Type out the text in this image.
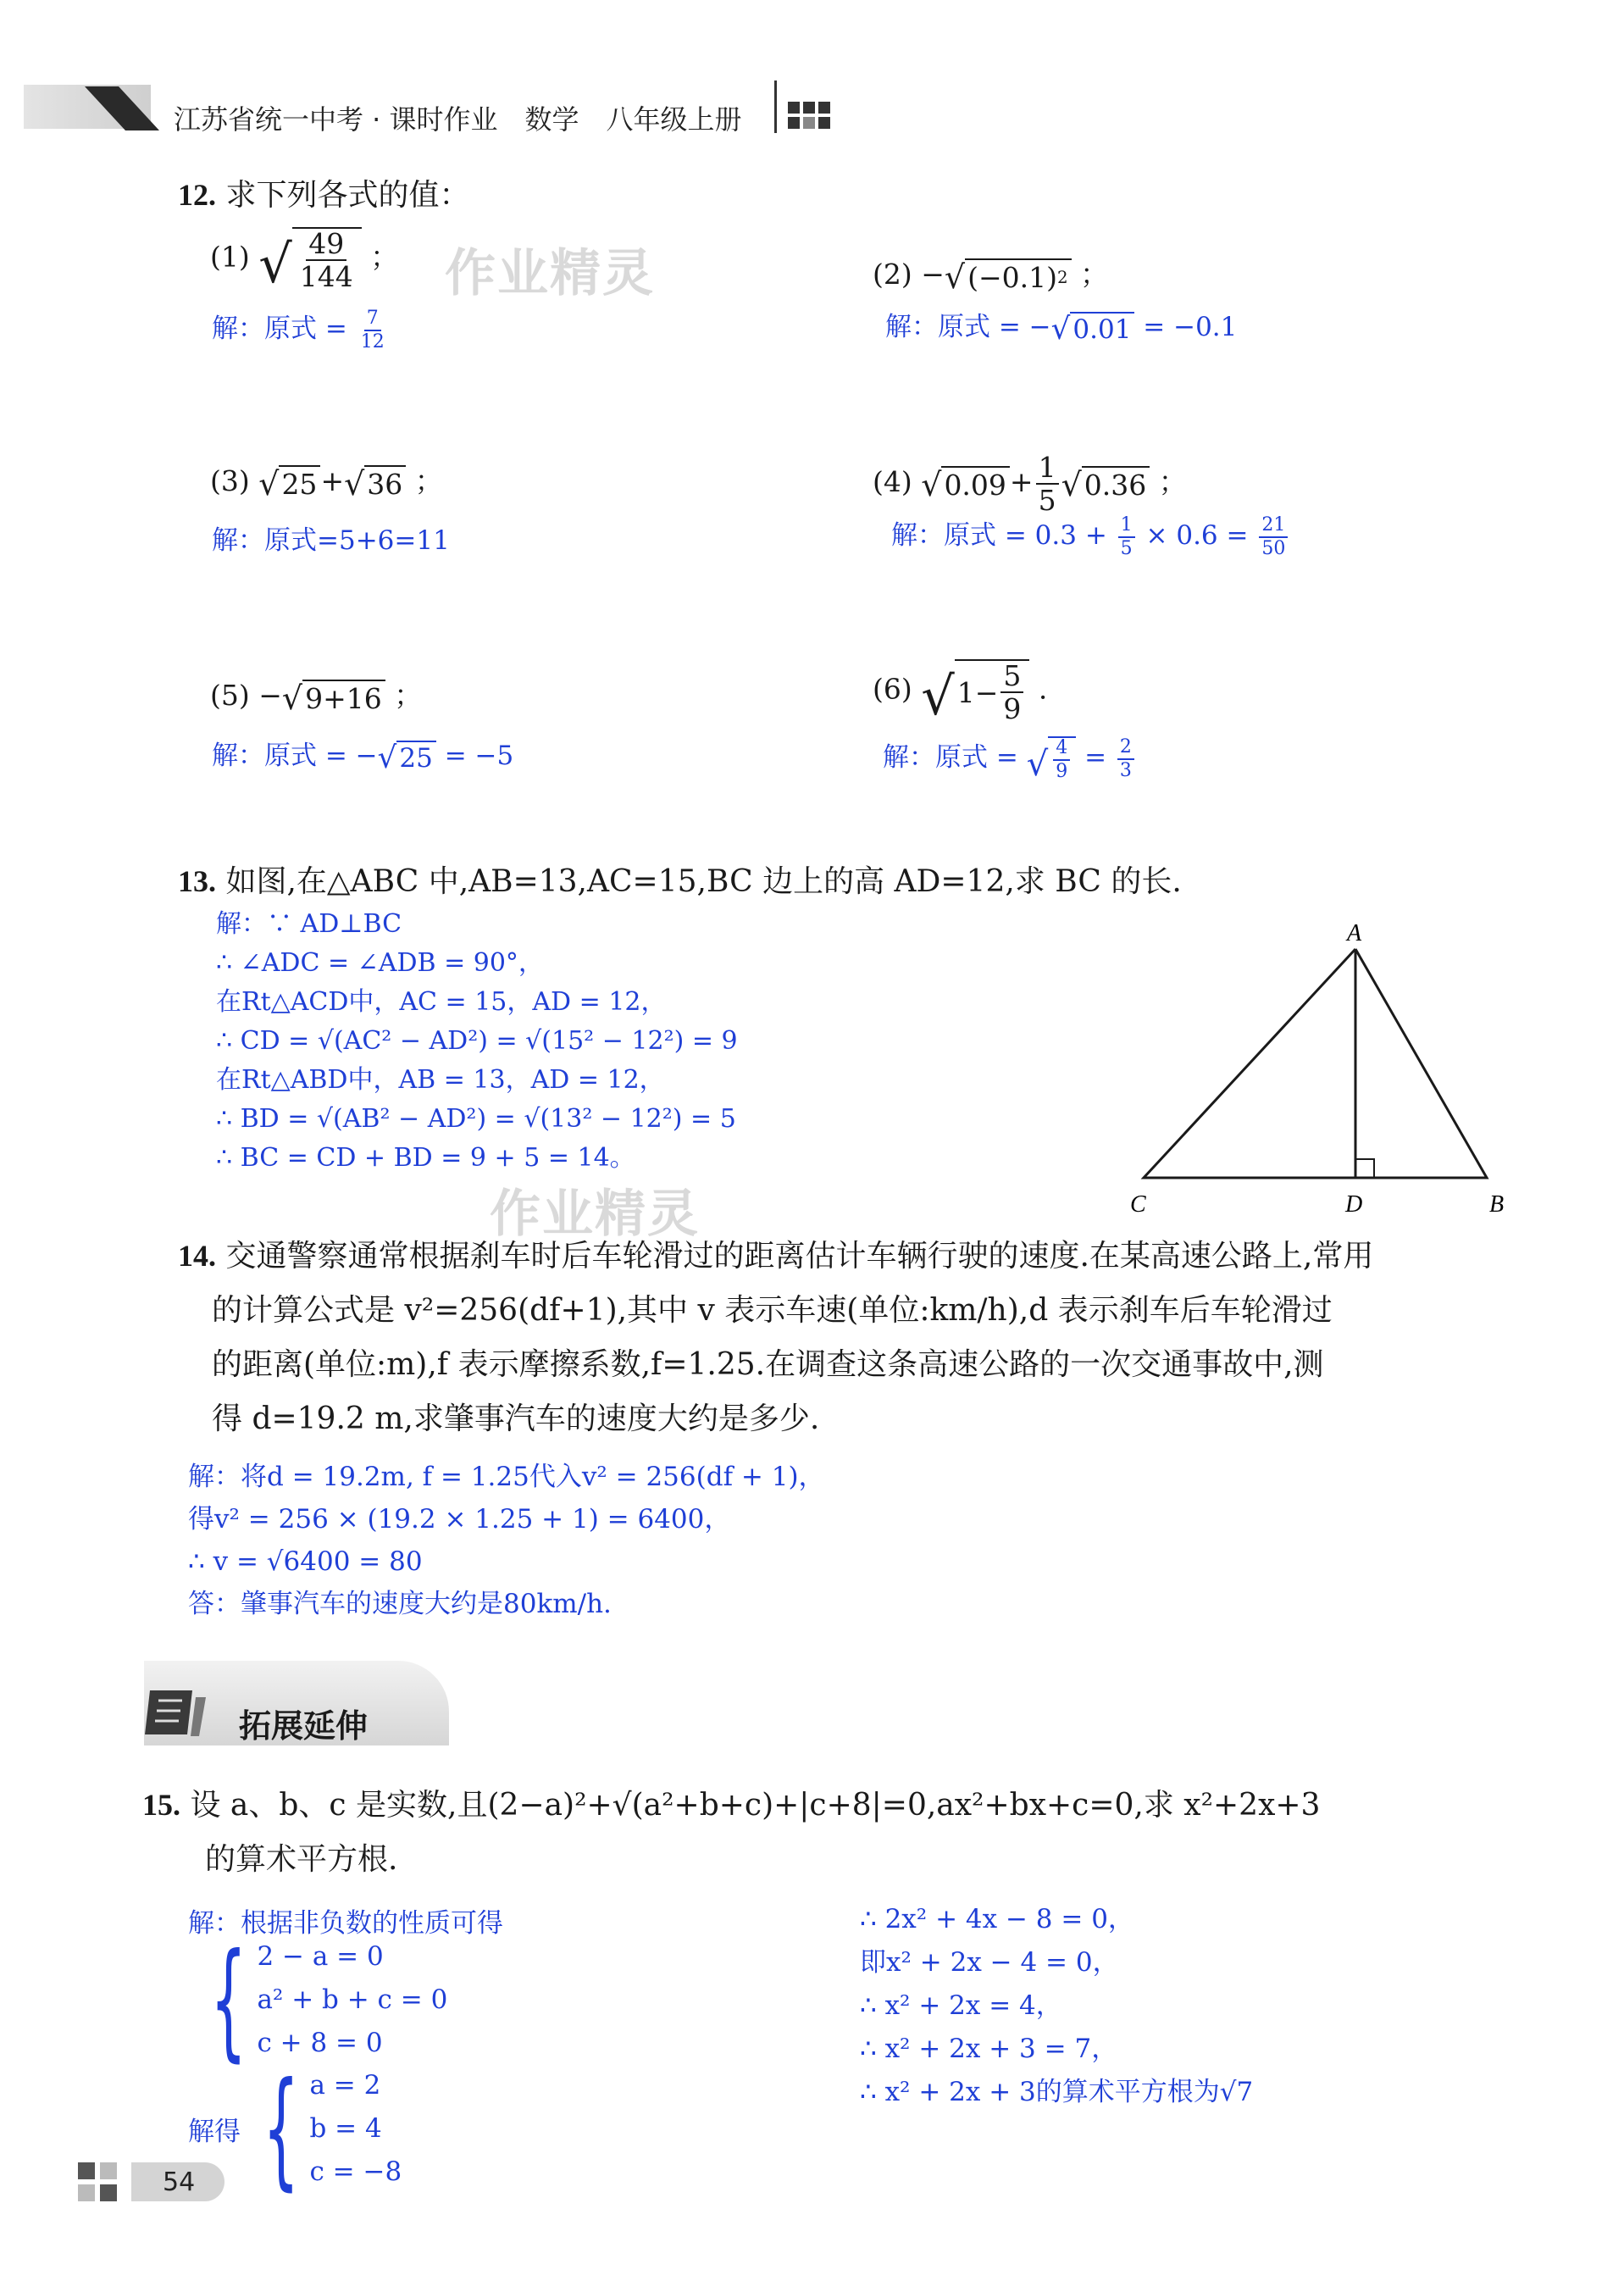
江苏省统一中考 · 课时作业　数学　八年级上册
12. 求下列各式的值：
作业精灵
(1) √ $\frac{49}{144}$ ；
解：原式 = $\frac{7}{12}$
(2) − √ (−0.1) 2 ；
解：原式 = − √ 0.01 = −0.1
(3) √ 25 + √ 36 ；
解：原式=5+6=11
(4) √ $0.09 + \frac{1}{5}$ √ 0.36 ；
解：原式 = $0.3 + \frac{1}{5} \times 0.6 = \frac{21}{50}$
(5) − √ 9+16 ；
解：原式 = − √ 25 = −5
(6) √ $1- \frac{5}{9}$ .
解：原式 = √ $\frac{4}{9} = \frac{2}{3}$
13. 如图,在△ABC 中,AB=13,AC=15,BC 边上的高 AD=12,求 BC 的长.
解：∵ AD⊥BC
∴ ∠ADC = ∠ADB = 90°，
在Rt△ACD中，AC = 15，AD = 12，
∴ CD = √(AC² − AD²) = √(15² − 12²) = 9
在Rt△ABD中，AB = 13，AD = 12，
∴ BD = √(AB² − AD²) = √(13² − 12²) = 5
∴ BC = CD + BD = 9 + 5 = 14。
A
C	D	B
作业精灵
14. 交通警察通常根据刹车时后车轮滑过的距离估计车辆行驶的速度.在某高速公路上,常用
的计算公式是 v²=256(df+1),其中 v 表示车速(单位:km/h),d 表示刹车后车轮滑过
的距离(单位:m),f 表示摩擦系数,f=1.25.在调查这条高速公路的一次交通事故中,测
得 d=19.2 m,求肇事汽车的速度大约是多少.
解：将d = 19.2m, f = 1.25代入v² = 256(df + 1)，
得v² = 256 × (19.2 × 1.25 + 1) = 6400，
∴ v = √6400 = 80
答：肇事汽车的速度大约是80km/h.
拓展延伸
15. 设 a、b、c 是实数,且(2−a)²+√(a²+b+c)+|c+8|=0,ax²+bx+c=0,求 x²+2x+3
的算术平方根.
解：根据非负数的性质可得
{ 2 − a = 0
a² + b + c = 0
c + 8 = 0
解得 { a = 2
b = 4
c = −8
∴ 2x² + 4x − 8 = 0，
即x² + 2x − 4 = 0，
∴ x² + 2x = 4，
∴ x² + 2x + 3 = 7，
∴ x² + 2x + 3的算术平方根为√7
54
